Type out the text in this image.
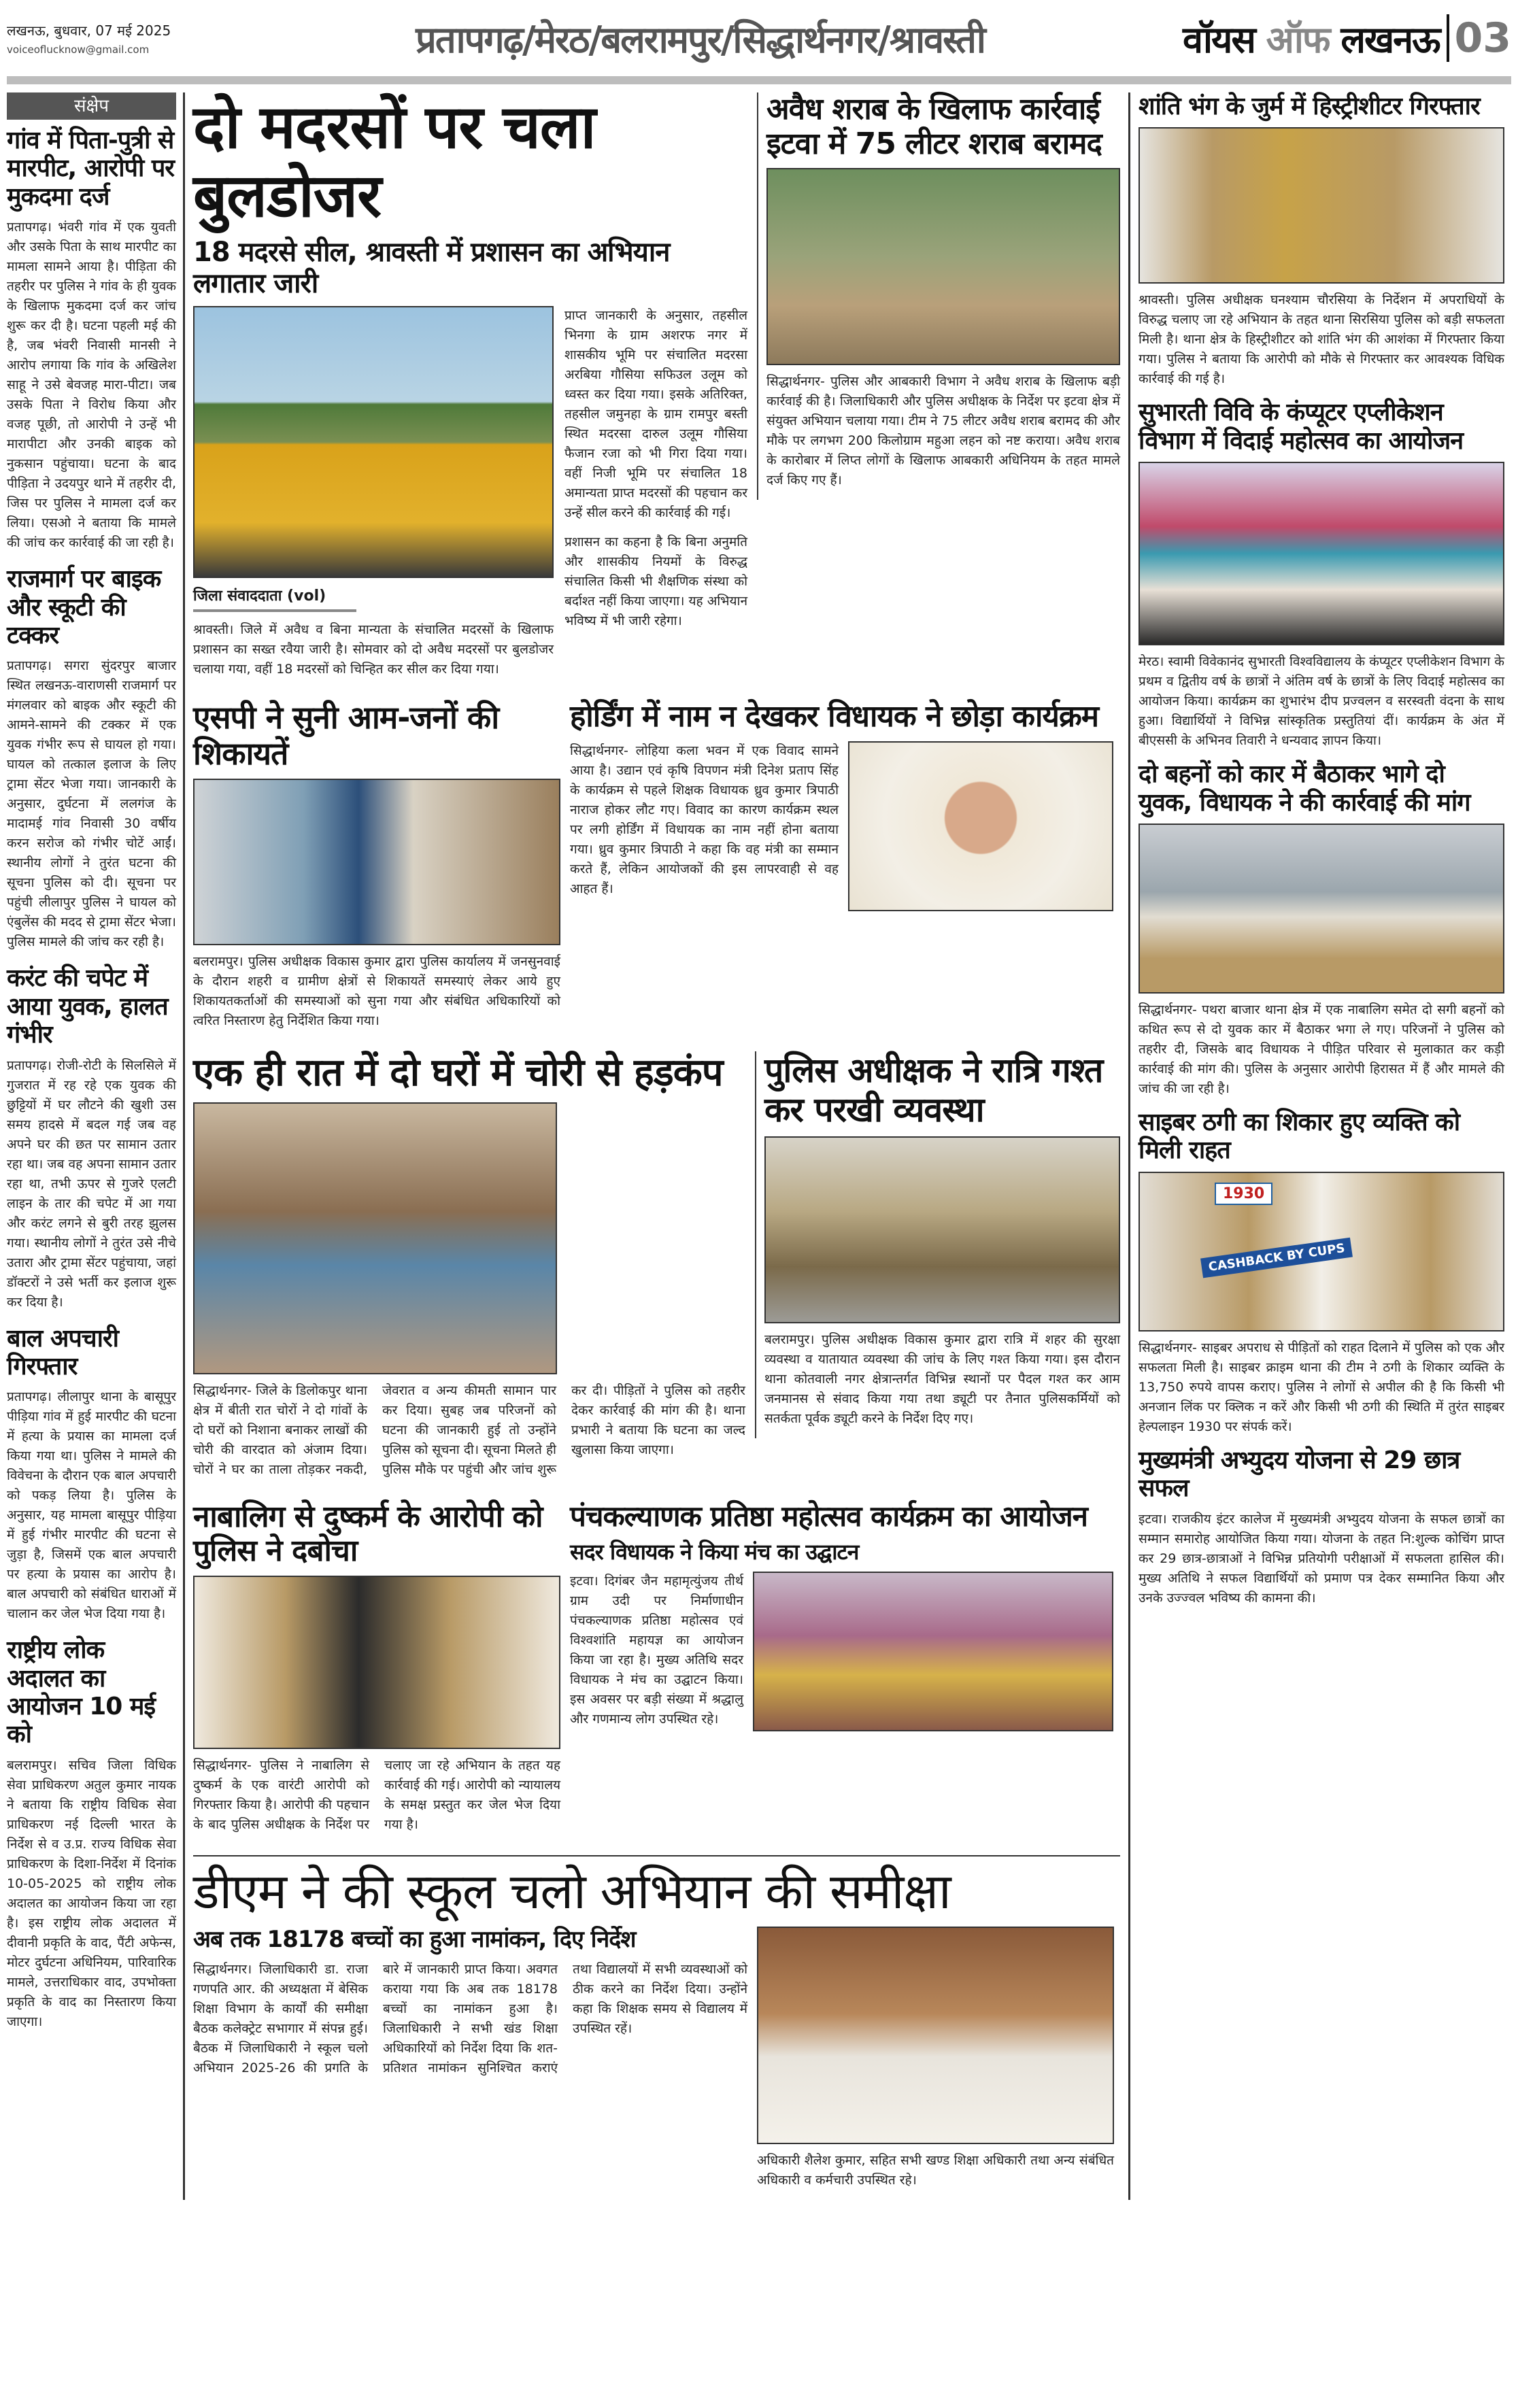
लखनऊ, बुधवार, 07 मई 2025
voiceoflucknow@gmail.com	प्रतापगढ़/मेरठ/बलरामपुर/सिद्धार्थनगर/श्रावस्ती	वॉयस ऑफ लखनऊ 03
संक्षेप
गांव में पिता-पुत्री से मारपीट, आरोपी पर मुकदमा दर्ज

प्रतापगढ़। भंवरी गांव में एक युवती और उसके पिता के साथ मारपीट का मामला सामने आया है। पीड़िता की तहरीर पर पुलिस ने गांव के ही युवक के खिलाफ मुकदमा दर्ज कर जांच शुरू कर दी है। घटना पहली मई की है, जब भंवरी निवासी मानसी ने आरोप लगाया कि गांव के अखिलेश साहू ने उसे बेवजह मारा-पीटा। जब उसके पिता ने विरोध किया और वजह पूछी, तो आरोपी ने उन्हें भी मारापीटा और उनकी बाइक को नुकसान पहुंचाया। घटना के बाद पीड़िता ने उदयपुर थाने में तहरीर दी, जिस पर पुलिस ने मामला दर्ज कर लिया। एसओ ने बताया कि मामले की जांच कर कार्रवाई की जा रही है।

राजमार्ग पर बाइक और स्कूटी की टक्कर

प्रतापगढ़। सगरा सुंदरपुर बाजार स्थित लखनऊ-वाराणसी राजमार्ग पर मंगलवार को बाइक और स्कूटी की आमने-सामने की टक्कर में एक युवक गंभीर रूप से घायल हो गया। घायल को तत्काल इलाज के लिए ट्रामा सेंटर भेजा गया। जानकारी के अनुसार, दुर्घटना में ललगंज के मादामई गांव निवासी 30 वर्षीय करन सरोज को गंभीर चोटें आईं। स्थानीय लोगों ने तुरंत घटना की सूचना पुलिस को दी। सूचना पर पहुंची लीलापुर पुलिस ने घायल को एंबुलेंस की मदद से ट्रामा सेंटर भेजा। पुलिस मामले की जांच कर रही है।

करंट की चपेट में आया युवक, हालत गंभीर

प्रतापगढ़। रोजी-रोटी के सिलसिले में गुजरात में रह रहे एक युवक की छुट्टियों में घर लौटने की खुशी उस समय हादसे में बदल गई जब वह अपने घर की छत पर सामान उतार रहा था। जब वह अपना सामान उतार रहा था, तभी ऊपर से गुजरे एलटी लाइन के तार की चपेट में आ गया और करंट लगने से बुरी तरह झुलस गया। स्थानीय लोगों ने तुरंत उसे नीचे उतारा और ट्रामा सेंटर पहुंचाया, जहां डॉक्टरों ने उसे भर्ती कर इलाज शुरू कर दिया है।

बाल अपचारी गिरफ्तार

प्रतापगढ़। लीलापुर थाना के बासूपुर पीड़िया गांव में हुई मारपीट की घटना में हत्या के प्रयास का मामला दर्ज किया गया था। पुलिस ने मामले की विवेचना के दौरान एक बाल अपचारी को पकड़ लिया है। पुलिस के अनुसार, यह मामला बासूपुर पीड़िया में हुई गंभीर मारपीट की घटना से जुड़ा है, जिसमें एक बाल अपचारी पर हत्या के प्रयास का आरोप है। बाल अपचारी को संबंधित धाराओं में चालान कर जेल भेज दिया गया है।

राष्ट्रीय लोक अदालत का आयोजन 10 मई को

बलरामपुर। सचिव जिला विधिक सेवा प्राधिकरण अतुल कुमार नायक ने बताया कि राष्ट्रीय विधिक सेवा प्राधिकरण नई दिल्ली भारत के निर्देश से व उ.प्र. राज्य विधिक सेवा प्राधिकरण के दिशा-निर्देश में दिनांक 10-05-2025 को राष्ट्रीय लोक अदालत का आयोजन किया जा रहा है। इस राष्ट्रीय लोक अदालत में दीवानी प्रकृति के वाद, पैंटी अफेन्स, मोटर दुर्घटना अधिनियम, पारिवारिक मामले, उत्तराधिकार वाद, उपभोक्ता प्रकृति के वाद का निस्तारण किया जाएगा।

दो मदरसों पर चला बुलडोजर
18 मदरसे सील, श्रावस्ती में प्रशासन का अभियान लगातार जारी
जिला संवाददाता (vol)

श्रावस्ती। जिले में अवैध व बिना मान्यता के संचालित मदरसों के खिलाफ प्रशासन का सख्त रवैया जारी है। सोमवार को दो अवैध मदरसों पर बुलडोजर चलाया गया, वहीं 18 मदरसों को चिन्हित कर सील कर दिया गया।

प्राप्त जानकारी के अनुसार, तहसील भिनगा के ग्राम अशरफ नगर में शासकीय भूमि पर संचालित मदरसा अरबिया गौसिया सफिउल उलूम को ध्वस्त कर दिया गया। इसके अतिरिक्त, तहसील जमुनहा के ग्राम रामपुर बस्ती स्थित मदरसा दारुल उलूम गौसिया फैजान रजा को भी गिरा दिया गया। वहीं निजी भूमि पर संचालित 18 अमान्यता प्राप्त मदरसों की पहचान कर उन्हें सील करने की कार्रवाई की गई।

प्रशासन का कहना है कि बिना अनुमति और शासकीय नियमों के विरुद्ध संचालित किसी भी शैक्षणिक संस्था को बर्दाश्त नहीं किया जाएगा। यह अभियान भविष्य में भी जारी रहेगा।

अवैध शराब के खिलाफ कार्रवाई इटवा में 75 लीटर शराब बरामद

सिद्धार्थनगर- पुलिस और आबकारी विभाग ने अवैध शराब के खिलाफ बड़ी कार्रवाई की है। जिलाधिकारी और पुलिस अधीक्षक के निर्देश पर इटवा क्षेत्र में संयुक्त अभियान चलाया गया। टीम ने 75 लीटर अवैध शराब बरामद की और मौके पर लगभग 200 किलोग्राम महुआ लहन को नष्ट कराया। अवैध शराब के कारोबार में लिप्त लोगों के खिलाफ आबकारी अधिनियम के तहत मामले दर्ज किए गए हैं।

एसपी ने सुनी आम-जनों की शिकायतें

बलरामपुर। पुलिस अधीक्षक विकास कुमार द्वारा पुलिस कार्यालय में जनसुनवाई के दौरान शहरी व ग्रामीण क्षेत्रों से शिकायतें समस्याएं लेकर आये हुए शिकायतकर्ताओं की समस्याओं को सुना गया और संबंधित अधिकारियों को त्वरित निस्तारण हेतु निर्देशित किया गया।

होर्डिंग में नाम न देखकर विधायक ने छोड़ा कार्यक्रम

सिद्धार्थनगर- लोहिया कला भवन में एक विवाद सामने आया है। उद्यान एवं कृषि विपणन मंत्री दिनेश प्रताप सिंह के कार्यक्रम से पहले शिक्षक विधायक ध्रुव कुमार त्रिपाठी नाराज होकर लौट गए। विवाद का कारण कार्यक्रम स्थल पर लगी होर्डिंग में विधायक का नाम नहीं होना बताया गया। ध्रुव कुमार त्रिपाठी ने कहा कि वह मंत्री का सम्मान करते हैं, लेकिन आयोजकों की इस लापरवाही से वह आहत हैं।

एक ही रात में दो घरों में चोरी से हड़कंप

सिद्धार्थनगर- जिले के डिलोकपुर थाना क्षेत्र में बीती रात चोरों ने दो गांवों के दो घरों को निशाना बनाकर लाखों की चोरी की वारदात को अंजाम दिया। चोरों ने घर का ताला तोड़कर नकदी, जेवरात व अन्य कीमती सामान पार कर दिया। सुबह जब परिजनों को घटना की जानकारी हुई तो उन्होंने पुलिस को सूचना दी। सूचना मिलते ही पुलिस मौके पर पहुंची और जांच शुरू कर दी। पीड़ितों ने पुलिस को तहरीर देकर कार्रवाई की मांग की है। थाना प्रभारी ने बताया कि घटना का जल्द खुलासा किया जाएगा।

पुलिस अधीक्षक ने रात्रि गश्त कर परखी व्यवस्था

बलरामपुर। पुलिस अधीक्षक विकास कुमार द्वारा रात्रि में शहर की सुरक्षा व्यवस्था व यातायात व्यवस्था की जांच के लिए गश्त किया गया। इस दौरान थाना कोतवाली नगर क्षेत्रान्तर्गत विभिन्न स्थानों पर पैदल गश्त कर आम जनमानस से संवाद किया गया तथा ड्यूटी पर तैनात पुलिसकर्मियों को सतर्कता पूर्वक ड्यूटी करने के निर्देश दिए गए।

नाबालिग से दुष्कर्म के आरोपी को पुलिस ने दबोचा

सिद्धार्थनगर- पुलिस ने नाबालिग से दुष्कर्म के एक वारंटी आरोपी को गिरफ्तार किया है। आरोपी की पहचान के बाद पुलिस अधीक्षक के निर्देश पर चलाए जा रहे अभियान के तहत यह कार्रवाई की गई। आरोपी को न्यायालय के समक्ष प्रस्तुत कर जेल भेज दिया गया है।

पंचकल्याणक प्रतिष्ठा महोत्सव कार्यक्रम का आयोजन
सदर विधायक ने किया मंच का उद्घाटन

इटवा। दिगंबर जैन महामृत्युंजय तीर्थ ग्राम उदी पर निर्माणाधीन पंचकल्याणक प्रतिष्ठा महोत्सव एवं विश्वशांति महायज्ञ का आयोजन किया जा रहा है। मुख्य अतिथि सदर विधायक ने मंच का उद्घाटन किया। इस अवसर पर बड़ी संख्या में श्रद्धालु और गणमान्य लोग उपस्थित रहे।

डीएम ने की स्कूल चलो अभियान की समीक्षा
अब तक 18178 बच्चों का हुआ नामांकन, दिए निर्देश

सिद्धार्थनगर। जिलाधिकारी डा. राजा गणपति आर. की अध्यक्षता में बेसिक शिक्षा विभाग के कार्यों की समीक्षा बैठक कलेक्ट्रेट सभागार में संपन्न हुई। बैठक में जिलाधिकारी ने स्कूल चलो अभियान 2025-26 की प्रगति के बारे में जानकारी प्राप्त किया। अवगत कराया गया कि अब तक 18178 बच्चों का नामांकन हुआ है। जिलाधिकारी ने सभी खंड शिक्षा अधिकारियों को निर्देश दिया कि शत-प्रतिशत नामांकन सुनिश्चित कराएं तथा विद्यालयों में सभी व्यवस्थाओं को ठीक करने का निर्देश दिया। उन्होंने कहा कि शिक्षक समय से विद्यालय में उपस्थित रहें।

अधिकारी शैलेश कुमार, सहित सभी खण्ड शिक्षा अधिकारी तथा अन्य संबंधित अधिकारी व कर्मचारी उपस्थित रहे।

शांति भंग के जुर्म में हिस्ट्रीशीटर गिरफ्तार

श्रावस्ती। पुलिस अधीक्षक घनश्याम चौरसिया के निर्देशन में अपराधियों के विरुद्ध चलाए जा रहे अभियान के तहत थाना सिरसिया पुलिस को बड़ी सफलता मिली है। थाना क्षेत्र के हिस्ट्रीशीटर को शांति भंग की आशंका में गिरफ्तार किया गया। पुलिस ने बताया कि आरोपी को मौके से गिरफ्तार कर आवश्यक विधिक कार्रवाई की गई है।

सुभारती विवि के कंप्यूटर एप्लीकेशन विभाग में विदाई महोत्सव का आयोजन

मेरठ। स्वामी विवेकानंद सुभारती विश्वविद्यालय के कंप्यूटर एप्लीकेशन विभाग के प्रथम व द्वितीय वर्ष के छात्रों ने अंतिम वर्ष के छात्रों के लिए विदाई महोत्सव का आयोजन किया। कार्यक्रम का शुभारंभ दीप प्रज्वलन व सरस्वती वंदना के साथ हुआ। विद्यार्थियों ने विभिन्न सांस्कृतिक प्रस्तुतियां दीं। कार्यक्रम के अंत में बीएससी के अभिनव तिवारी ने धन्यवाद ज्ञापन किया।

दो बहनों को कार में बैठाकर भागे दो युवक, विधायक ने की कार्रवाई की मांग

सिद्धार्थनगर- पथरा बाजार थाना क्षेत्र में एक नाबालिग समेत दो सगी बहनों को कथित रूप से दो युवक कार में बैठाकर भगा ले गए। परिजनों ने पुलिस को तहरीर दी, जिसके बाद विधायक ने पीड़ित परिवार से मुलाकात कर कड़ी कार्रवाई की मांग की। पुलिस के अनुसार आरोपी हिरासत में हैं और मामले की जांच की जा रही है।

साइबर ठगी का शिकार हुए व्यक्ति को मिली राहत
1930
CASHBACK BY CUPS

सिद्धार्थनगर- साइबर अपराध से पीड़ितों को राहत दिलाने में पुलिस को एक और सफलता मिली है। साइबर क्राइम थाना की टीम ने ठगी के शिकार व्यक्ति के 13,750 रुपये वापस कराए। पुलिस ने लोगों से अपील की है कि किसी भी अनजान लिंक पर क्लिक न करें और किसी भी ठगी की स्थिति में तुरंत साइबर हेल्पलाइन 1930 पर संपर्क करें।

मुख्यमंत्री अभ्युदय योजना से 29 छात्र सफल

इटवा। राजकीय इंटर कालेज में मुख्यमंत्री अभ्युदय योजना के सफल छात्रों का सम्मान समारोह आयोजित किया गया। योजना के तहत नि:शुल्क कोचिंग प्राप्त कर 29 छात्र-छात्राओं ने विभिन्न प्रतियोगी परीक्षाओं में सफलता हासिल की। मुख्य अतिथि ने सफल विद्यार्थियों को प्रमाण पत्र देकर सम्मानित किया और उनके उज्ज्वल भविष्य की कामना की।
